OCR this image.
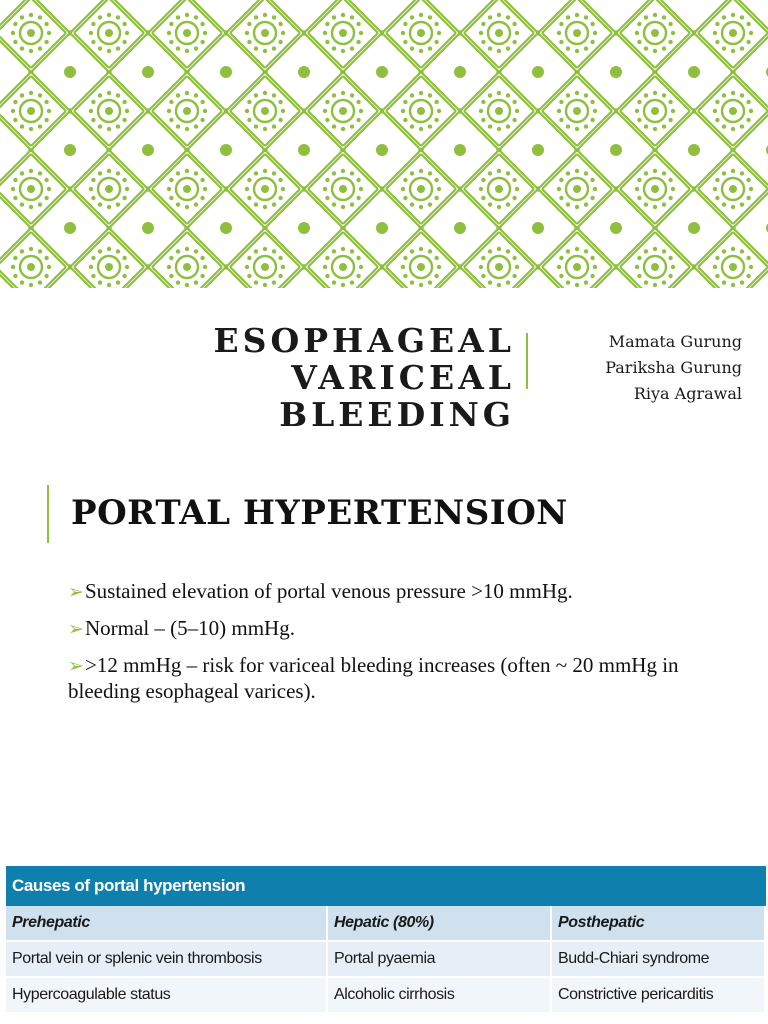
ESOPHAGEAL VARICEAL
BLEEDING
Mamata Gurung
Pariksha Gurung
Riya Agrawal
PORTAL HYPERTENSION
➢Sustained elevation of portal venous pressure >10 mmHg.
➢Normal – (5–10) mmHg.
➢>12 mmHg – risk for variceal bleeding increases (often ~ 20 mmHg in bleeding esophageal varices).
Causes of portal hypertension
Prehepatic	Hepatic (80%)	Posthepatic
Portal vein or splenic vein thrombosis	Portal pyaemia	Budd-Chiari syndrome
Hypercoagulable status	Alcoholic cirrhosis	Constrictive pericarditis
